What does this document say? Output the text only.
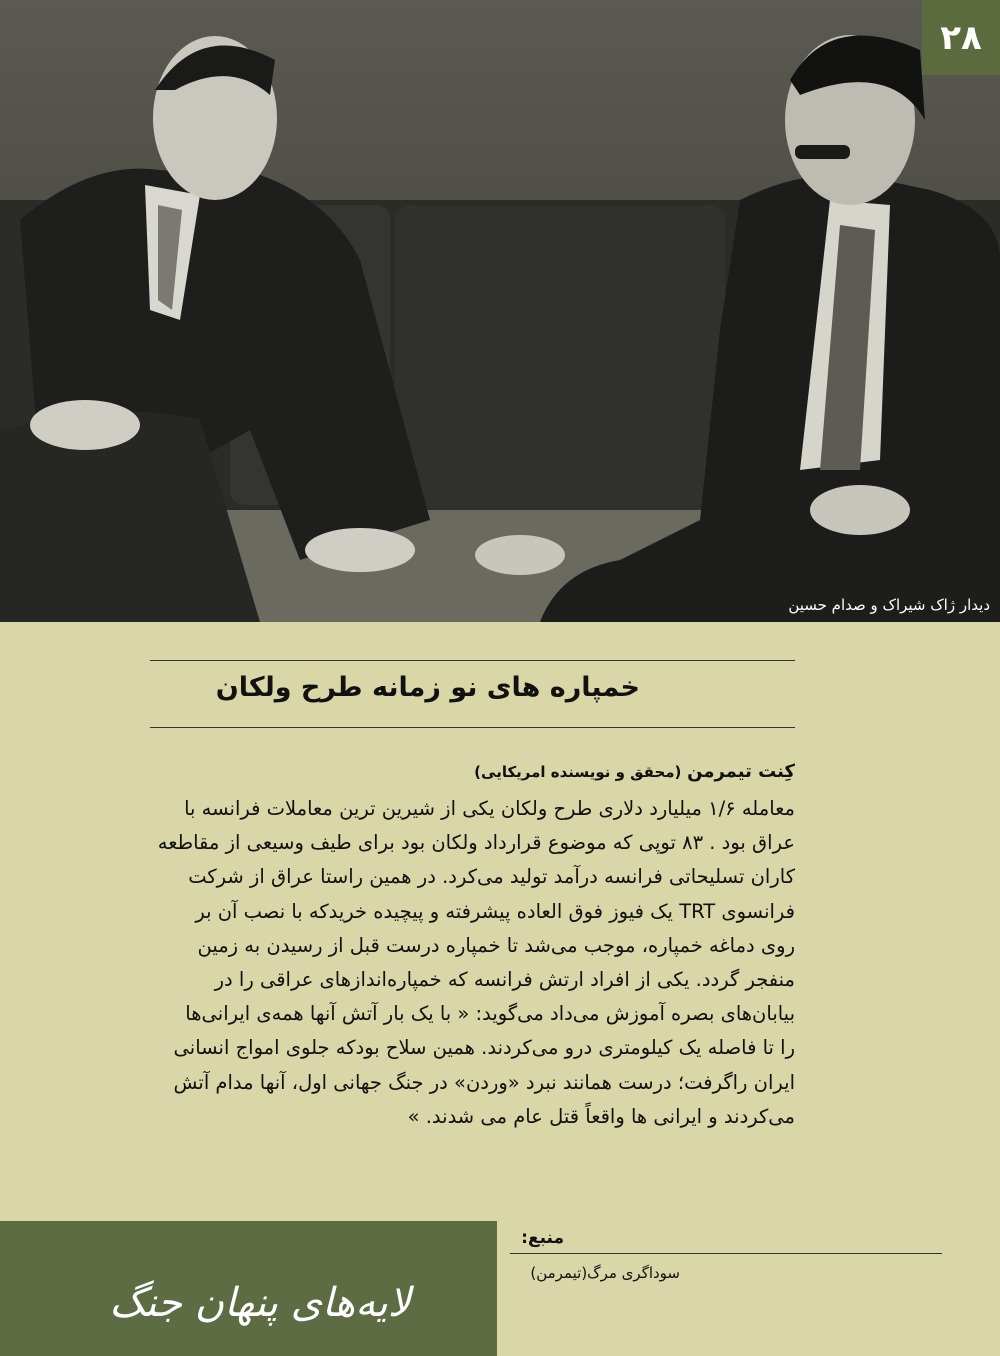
۲۸
دیدار ژاک شیراک و صدام حسین
خمپاره های نو زمانه طرح ولکان
کِنت تیمرمن (محقق و نویسنده امریکایی)
معامله ۱/۶ میلیارد دلاری طرح ولکان یکی از شیرین ترین معاملات فرانسه با
عراق بود . ۸۳ توپی که موضوع قرارداد ولکان بود برای طیف وسیعی از مقاطعه
کاران تسلیحاتی فرانسه درآمد تولید می‌کرد. در همین راستا عراق از شرکت
فرانسوی TRT یک فیوز فوق العاده پیشرفته و پیچیده خریدکه با نصب آن بر
روی دماغه خمپاره، موجب می‌شد تا خمپاره درست قبل از رسیدن به زمین
منفجر گردد. یکی از افراد ارتش فرانسه که خمپاره‌اندازهای عراقی را در
بیابان‌های بصره آموزش می‌داد می‌گوید: « با یک بار آتش آنها همه‌ی ایرانی‌ها
را تا فاصله یک کیلومتری درو می‌کردند. همین سلاح بودکه جلوی امواج انسانی
ایران راگرفت؛ درست همانند نبرد «وردن» در جنگ جهانی اول، آنها مدام آتش
می‌کردند و ایرانی ها واقعاً قتل عام می‌ شدند. »
منبع:
سوداگری مرگ(تیمرمن)
لایه‌های پنهان جنگ
